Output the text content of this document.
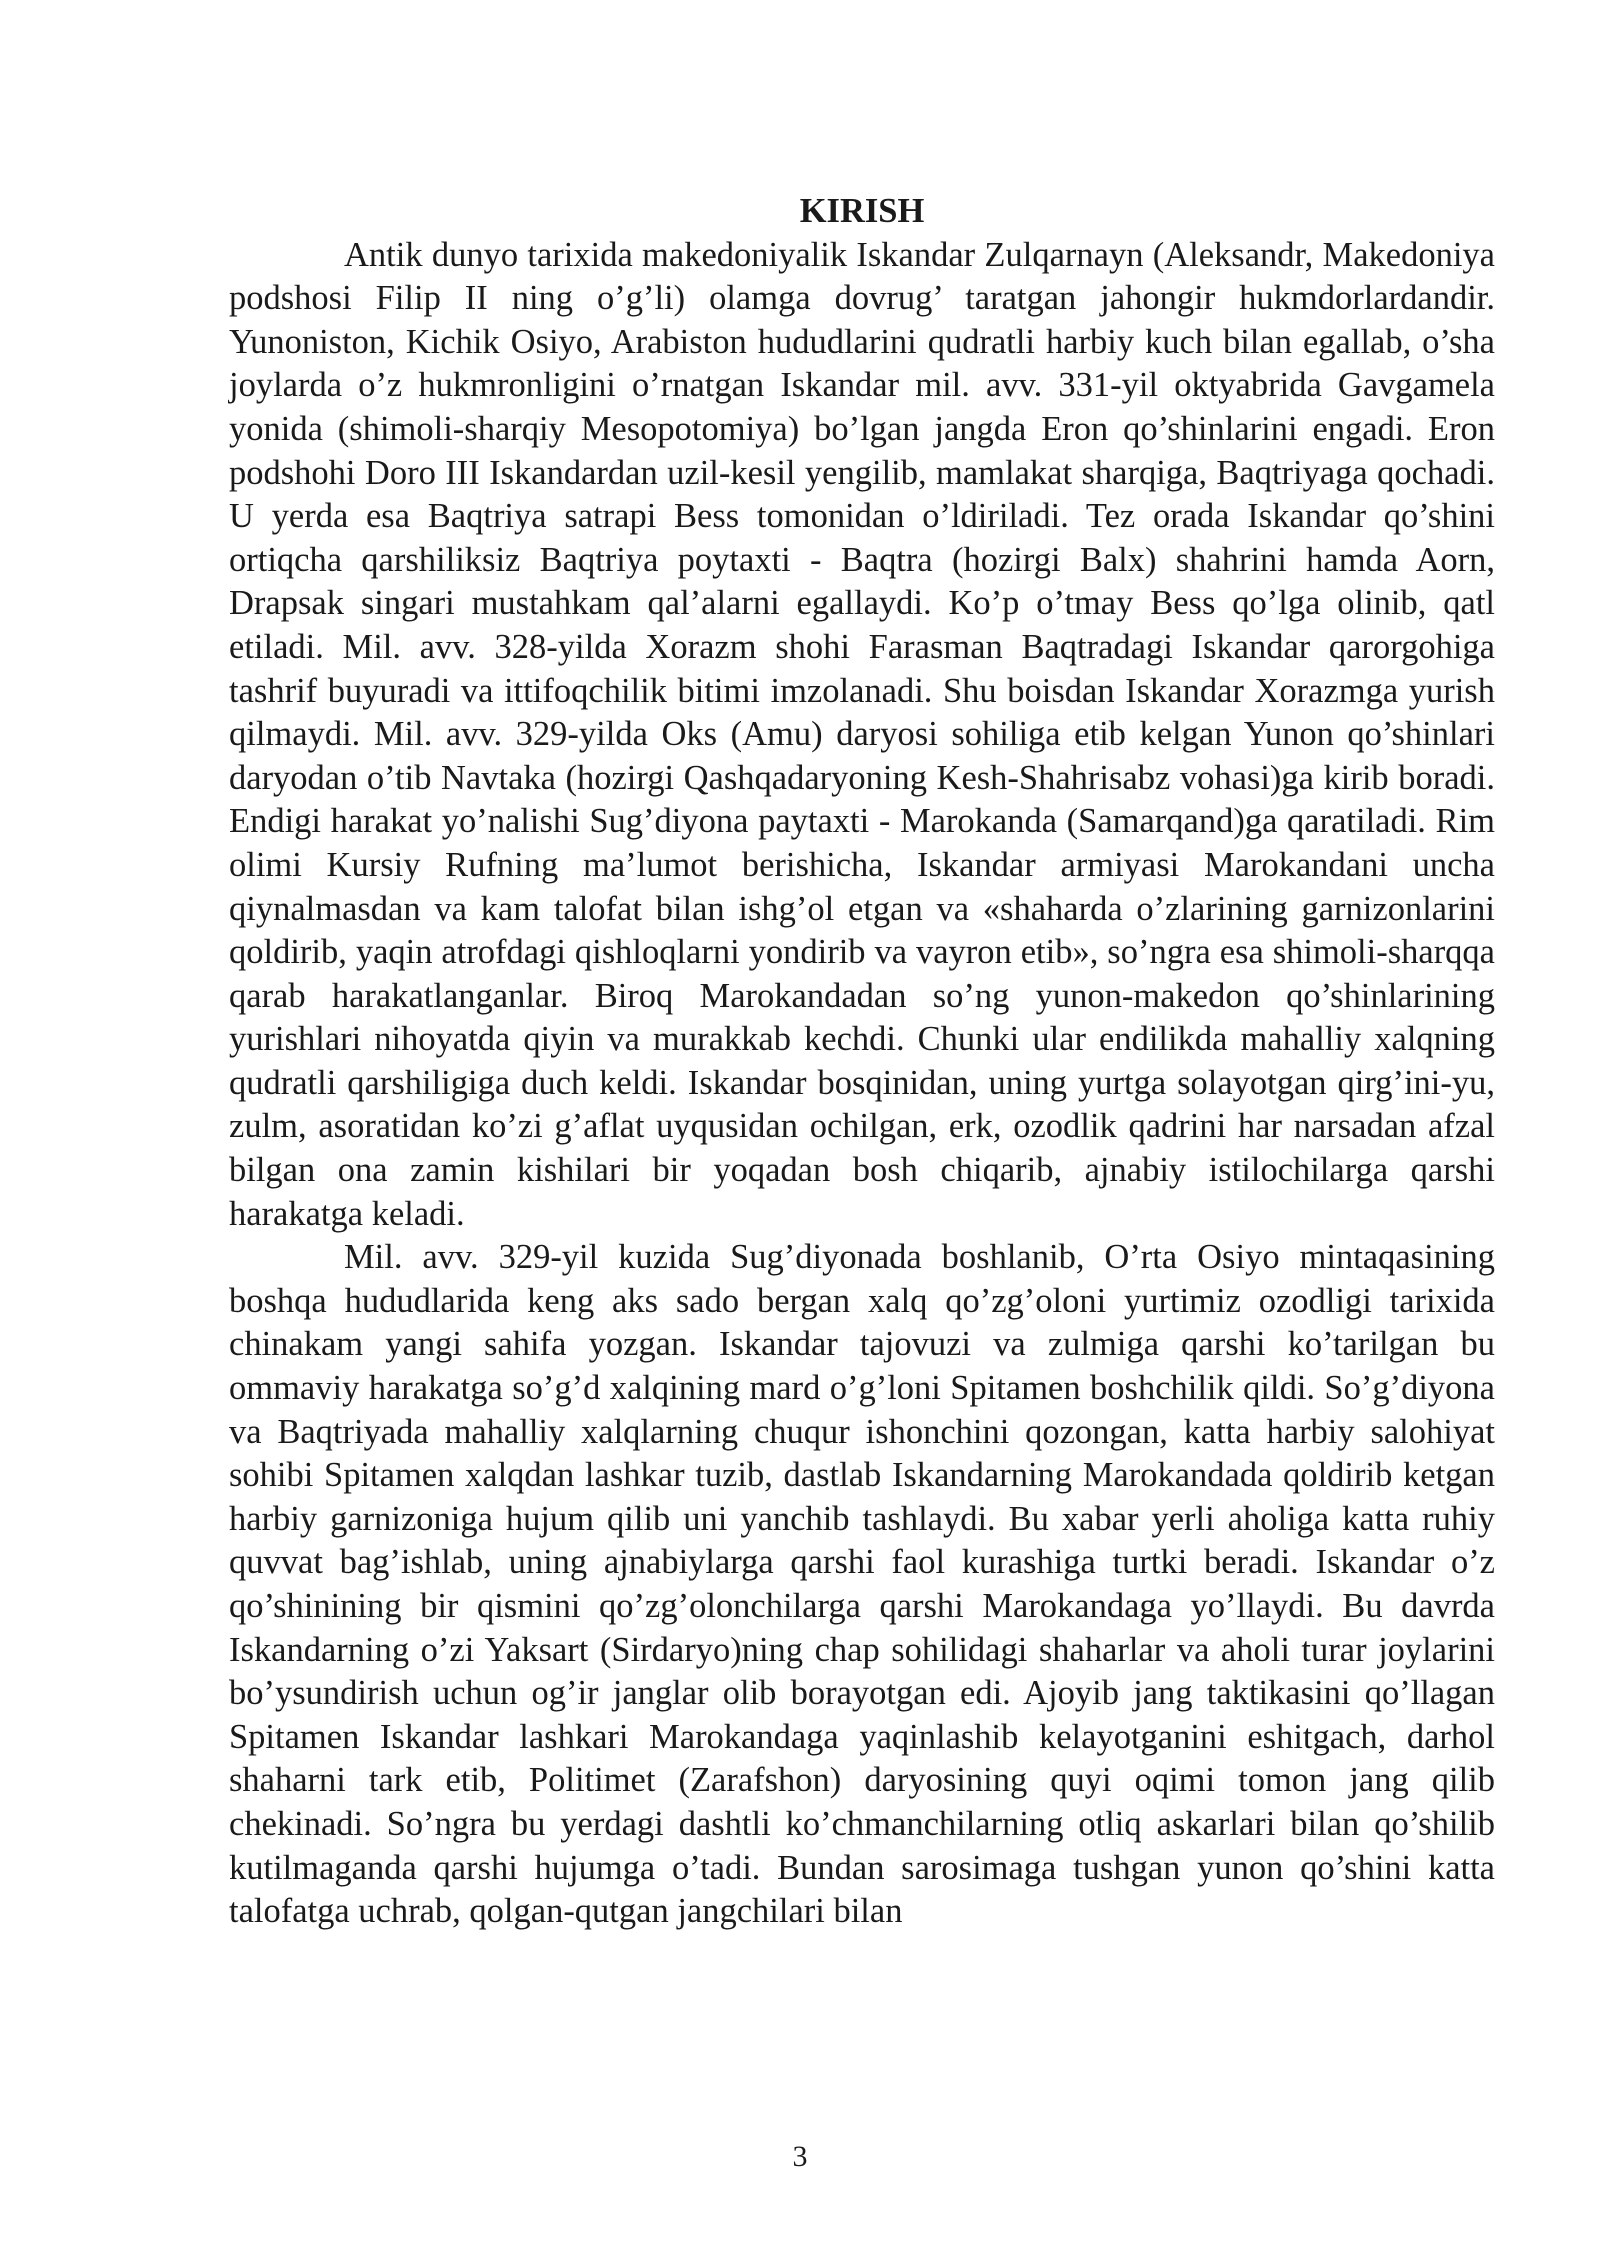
KIRISH

Antik dunyo tarixida makedoniyalik Iskandar Zulqarnayn (Aleksandr, Makedoniya podshosi Filip II ning o’g’li) olamga dovrug’ taratgan jahongir hukmdorlardandir. Yunoniston, Kichik Osiyo, Arabiston hududlarini qudratli harbiy kuch bilan egallab, o’sha joylarda o’z hukmronligini o’rnatgan Iskandar mil. avv. 331-yil oktyabrida Gavgamela yonida (shimoli-sharqiy Mesopotomiya) bo’lgan jangda Eron qo’shinlarini engadi. Eron podshohi Doro III Iskandardan uzil-kesil yengilib, mamlakat sharqiga, Baqtriyaga qochadi. U yerda esa Baqtriya satrapi Bess tomonidan o’ldiriladi. Tez orada Iskandar qo’shini ortiqcha qarshiliksiz Baqtriya poytaxti - Baqtra (hozirgi Balx) shahrini hamda Aorn, Drapsak singari mustahkam qal’alarni egallaydi. Ko’p o’tmay Bess qo’lga olinib, qatl etiladi. Mil. avv. 328-yilda Xorazm shohi Farasman Baqtradagi Iskandar qarorgohiga tashrif buyuradi va ittifoqchilik bitimi imzolanadi. Shu boisdan Iskandar Xorazmga yurish qilmaydi. Mil. avv. 329-yilda Oks (Amu) daryosi sohiliga etib kelgan Yunon qo’shinlari daryodan o’tib Navtaka (hozirgi Qashqadaryoning Kesh-Shahrisabz vohasi)ga kirib boradi. Endigi harakat yo’nalishi Sug’diyona paytaxti - Marokanda (Samarqand)ga qaratiladi. Rim olimi Kursiy Rufning ma’lumot berishicha, Iskandar armiyasi Marokandani uncha qiynalmasdan va kam talofat bilan ishg’ol etgan va «shaharda o’zlarining garnizonlarini qoldirib, yaqin atrofdagi qishloqlarni yondirib va vayron etib», so’ngra esa shimoli-sharqqa qarab harakatlanganlar. Biroq Marokandadan so’ng yunon-makedon qo’shinlarining yurishlari nihoyatda qiyin va murakkab kechdi. Chunki ular endilikda mahalliy xalqning qudratli qarshiligiga duch keldi. Iskandar bosqinidan, uning yurtga solayotgan qirg’ini-yu, zulm, asoratidan ko’zi g’aflat uyqusidan ochilgan, erk, ozodlik qadrini har narsadan afzal bilgan ona zamin kishilari bir yoqadan bosh chiqarib, ajnabiy istilochilarga qarshi harakatga keladi.

Mil. avv. 329-yil kuzida Sug’diyonada boshlanib, O’rta Osiyo mintaqasining boshqa hududlarida keng aks sado bergan xalq qo’zg’oloni yurtimiz ozodligi tarixida chinakam yangi sahifa yozgan. Iskandar tajovuzi va zulmiga qarshi ko’tarilgan bu ommaviy harakatga so’g’d xalqining mard o’g’loni Spitamen boshchilik qildi. So’g’diyona va Baqtriyada mahalliy xalqlarning chuqur ishonchini qozongan, katta harbiy salohiyat sohibi Spitamen xalqdan lashkar tuzib, dastlab Iskandarning Marokandada qoldirib ketgan harbiy garnizoniga hujum qilib uni yanchib tashlaydi. Bu xabar yerli aholiga katta ruhiy quvvat bag’ishlab, uning ajnabiylarga qarshi faol kurashiga turtki beradi. Iskandar o’z qo’shinining bir qismini qo’zg’olonchilarga qarshi Marokandaga yo’llaydi. Bu davrda Iskandarning o’zi Yaksart (Sirdaryo)ning chap sohilidagi shaharlar va aholi turar joylarini bo’ysundirish uchun og’ir janglar olib borayotgan edi. Ajoyib jang taktikasini qo’llagan Spitamen Iskandar lashkari Marokandaga yaqinlashib kelayotganini eshitgach, darhol shaharni tark etib, Politimet (Zarafshon) daryosining quyi oqimi tomon jang qilib chekinadi. So’ngra bu yerdagi dashtli ko’chmanchilarning otliq askarlari bilan qo’shilib kutilmaganda qarshi hujumga o’tadi. Bundan sarosimaga tushgan yunon qo’shini katta talofatga uchrab, qolgan-qutgan jangchilari bilan

3
